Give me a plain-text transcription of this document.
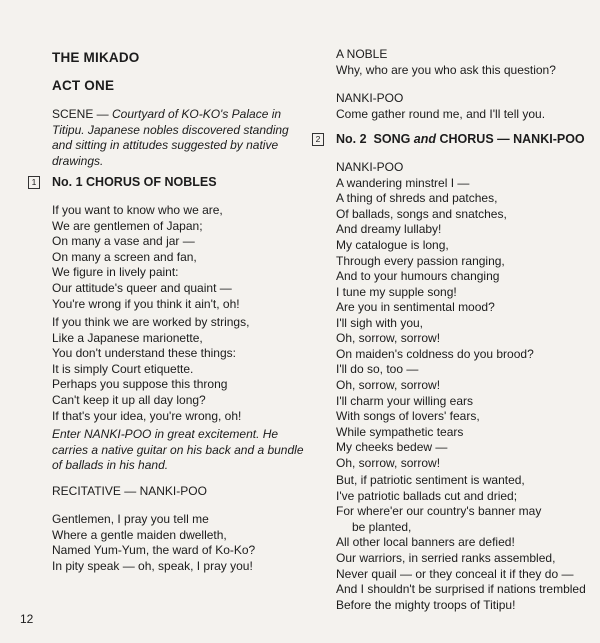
THE MIKADO
ACT ONE
SCENE — Courtyard of KO-KO's Palace in
Titipu. Japanese nobles discovered standing
and sitting in attitudes suggested by native
drawings.
1 No. 1 CHORUS OF NOBLES
If you want to know who we are,
We are gentlemen of Japan;
On many a vase and jar —
On many a screen and fan,
We figure in lively paint:
Our attitude's queer and quaint —
You're wrong if you think it ain't, oh!
If you think we are worked by strings,
Like a Japanese marionette,
You don't understand these things:
It is simply Court etiquette.
Perhaps you suppose this throng
Can't keep it up all day long?
If that's your idea, you're wrong, oh!
Enter NANKI-POO in great excitement. He
carries a native guitar on his back and a bundle
of ballads in his hand.
RECITATIVE — NANKI-POO
Gentlemen, I pray you tell me
Where a gentle maiden dwelleth,
Named Yum-Yum, the ward of Ko-Ko?
In pity speak — oh, speak, I pray you!
A NOBLE
Why, who are you who ask this question?
NANKI-POO
Come gather round me, and I'll tell you.
2 No. 2  SONG and CHORUS — NANKI-POO
NANKI-POO
A wandering minstrel I —
A thing of shreds and patches,
Of ballads, songs and snatches,
And dreamy lullaby!
My catalogue is long,
Through every passion ranging,
And to your humours changing
I tune my supple song!
Are you in sentimental mood?
I'll sigh with you,
Oh, sorrow, sorrow!
On maiden's coldness do you brood?
I'll do so, too —
Oh, sorrow, sorrow!
I'll charm your willing ears
With songs of lovers' fears,
While sympathetic tears
My cheeks bedew —
Oh, sorrow, sorrow!
But, if patriotic sentiment is wanted,
I've patriotic ballads cut and dried;
For where'er our country's banner may
be planted,
All other local banners are defied!
Our warriors, in serried ranks assembled,
Never quail — or they conceal it if they do —
And I shouldn't be surprised if nations trembled
Before the mighty troops of Titipu!
12
